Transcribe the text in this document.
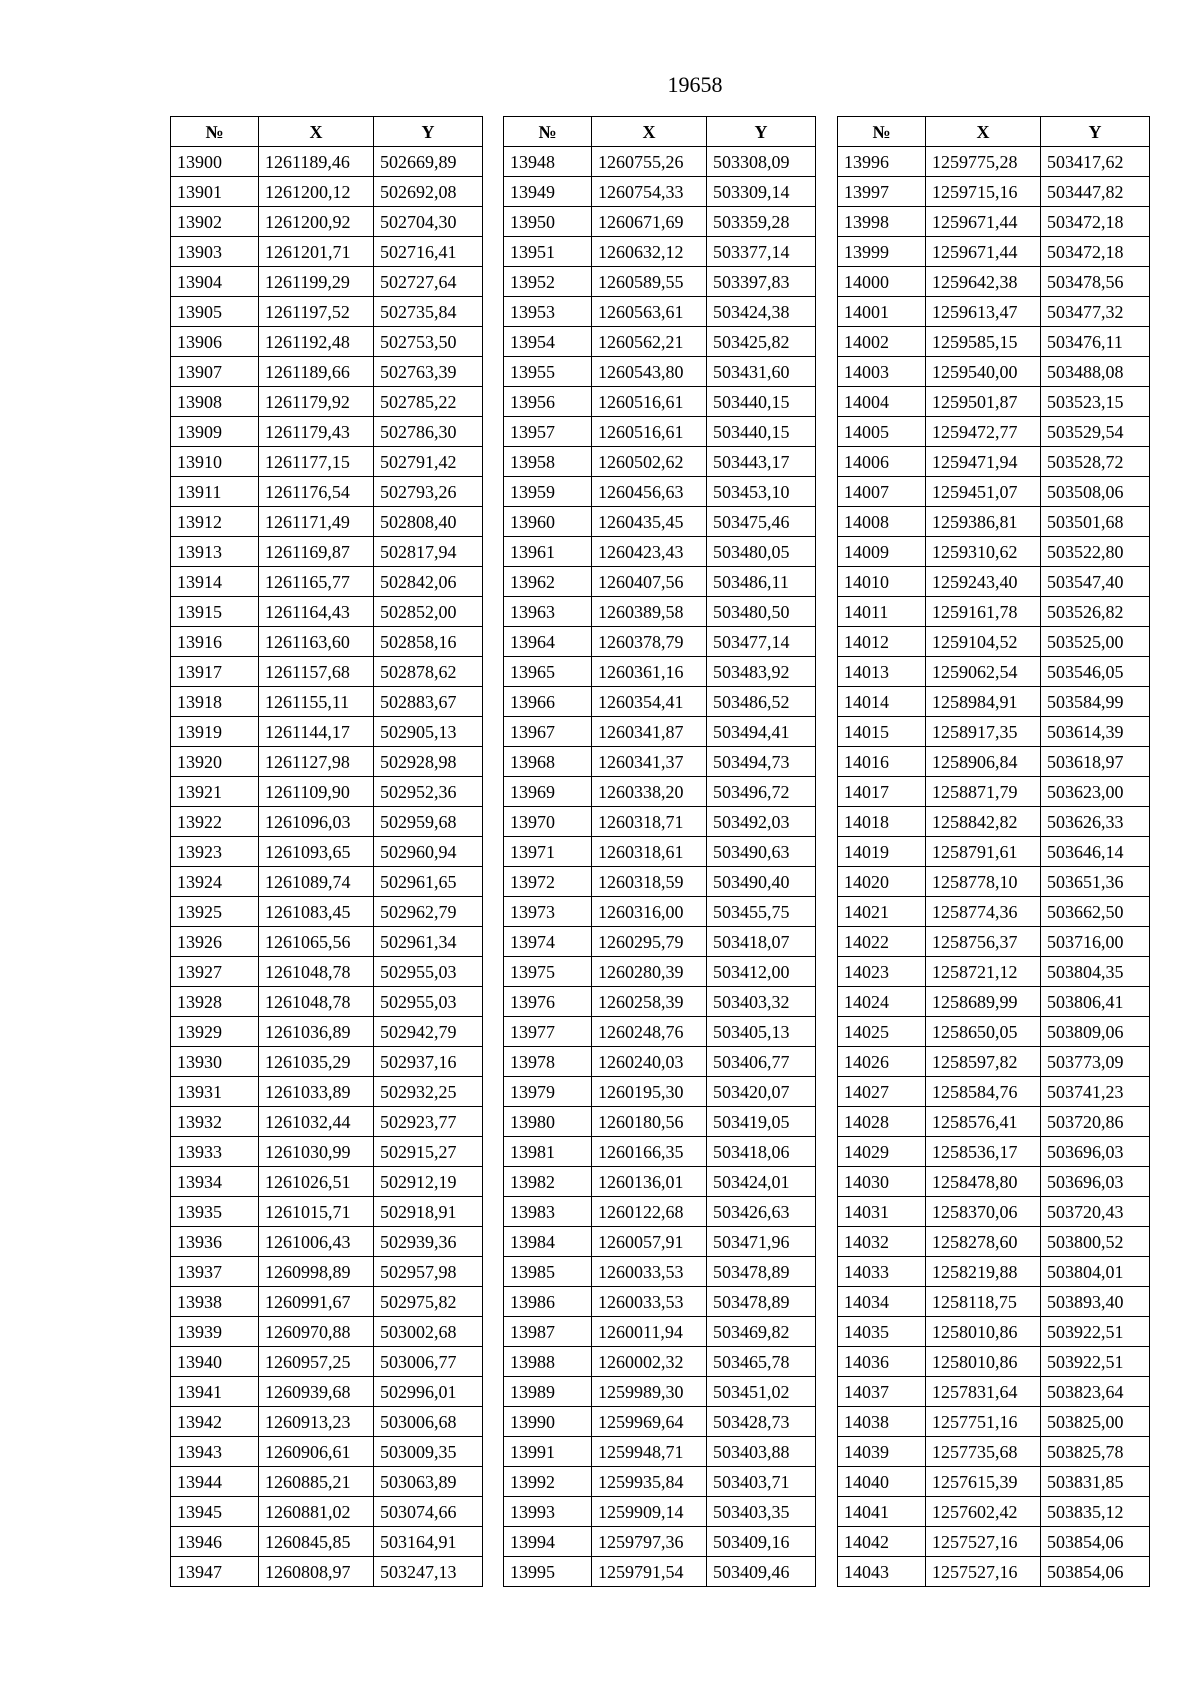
19658
№	X	Y
13900	1261189,46	502669,89
13901	1261200,12	502692,08
13902	1261200,92	502704,30
13903	1261201,71	502716,41
13904	1261199,29	502727,64
13905	1261197,52	502735,84
13906	1261192,48	502753,50
13907	1261189,66	502763,39
13908	1261179,92	502785,22
13909	1261179,43	502786,30
13910	1261177,15	502791,42
13911	1261176,54	502793,26
13912	1261171,49	502808,40
13913	1261169,87	502817,94
13914	1261165,77	502842,06
13915	1261164,43	502852,00
13916	1261163,60	502858,16
13917	1261157,68	502878,62
13918	1261155,11	502883,67
13919	1261144,17	502905,13
13920	1261127,98	502928,98
13921	1261109,90	502952,36
13922	1261096,03	502959,68
13923	1261093,65	502960,94
13924	1261089,74	502961,65
13925	1261083,45	502962,79
13926	1261065,56	502961,34
13927	1261048,78	502955,03
13928	1261048,78	502955,03
13929	1261036,89	502942,79
13930	1261035,29	502937,16
13931	1261033,89	502932,25
13932	1261032,44	502923,77
13933	1261030,99	502915,27
13934	1261026,51	502912,19
13935	1261015,71	502918,91
13936	1261006,43	502939,36
13937	1260998,89	502957,98
13938	1260991,67	502975,82
13939	1260970,88	503002,68
13940	1260957,25	503006,77
13941	1260939,68	502996,01
13942	1260913,23	503006,68
13943	1260906,61	503009,35
13944	1260885,21	503063,89
13945	1260881,02	503074,66
13946	1260845,85	503164,91
13947	1260808,97	503247,13
№	X	Y
13948	1260755,26	503308,09
13949	1260754,33	503309,14
13950	1260671,69	503359,28
13951	1260632,12	503377,14
13952	1260589,55	503397,83
13953	1260563,61	503424,38
13954	1260562,21	503425,82
13955	1260543,80	503431,60
13956	1260516,61	503440,15
13957	1260516,61	503440,15
13958	1260502,62	503443,17
13959	1260456,63	503453,10
13960	1260435,45	503475,46
13961	1260423,43	503480,05
13962	1260407,56	503486,11
13963	1260389,58	503480,50
13964	1260378,79	503477,14
13965	1260361,16	503483,92
13966	1260354,41	503486,52
13967	1260341,87	503494,41
13968	1260341,37	503494,73
13969	1260338,20	503496,72
13970	1260318,71	503492,03
13971	1260318,61	503490,63
13972	1260318,59	503490,40
13973	1260316,00	503455,75
13974	1260295,79	503418,07
13975	1260280,39	503412,00
13976	1260258,39	503403,32
13977	1260248,76	503405,13
13978	1260240,03	503406,77
13979	1260195,30	503420,07
13980	1260180,56	503419,05
13981	1260166,35	503418,06
13982	1260136,01	503424,01
13983	1260122,68	503426,63
13984	1260057,91	503471,96
13985	1260033,53	503478,89
13986	1260033,53	503478,89
13987	1260011,94	503469,82
13988	1260002,32	503465,78
13989	1259989,30	503451,02
13990	1259969,64	503428,73
13991	1259948,71	503403,88
13992	1259935,84	503403,71
13993	1259909,14	503403,35
13994	1259797,36	503409,16
13995	1259791,54	503409,46
№	X	Y
13996	1259775,28	503417,62
13997	1259715,16	503447,82
13998	1259671,44	503472,18
13999	1259671,44	503472,18
14000	1259642,38	503478,56
14001	1259613,47	503477,32
14002	1259585,15	503476,11
14003	1259540,00	503488,08
14004	1259501,87	503523,15
14005	1259472,77	503529,54
14006	1259471,94	503528,72
14007	1259451,07	503508,06
14008	1259386,81	503501,68
14009	1259310,62	503522,80
14010	1259243,40	503547,40
14011	1259161,78	503526,82
14012	1259104,52	503525,00
14013	1259062,54	503546,05
14014	1258984,91	503584,99
14015	1258917,35	503614,39
14016	1258906,84	503618,97
14017	1258871,79	503623,00
14018	1258842,82	503626,33
14019	1258791,61	503646,14
14020	1258778,10	503651,36
14021	1258774,36	503662,50
14022	1258756,37	503716,00
14023	1258721,12	503804,35
14024	1258689,99	503806,41
14025	1258650,05	503809,06
14026	1258597,82	503773,09
14027	1258584,76	503741,23
14028	1258576,41	503720,86
14029	1258536,17	503696,03
14030	1258478,80	503696,03
14031	1258370,06	503720,43
14032	1258278,60	503800,52
14033	1258219,88	503804,01
14034	1258118,75	503893,40
14035	1258010,86	503922,51
14036	1258010,86	503922,51
14037	1257831,64	503823,64
14038	1257751,16	503825,00
14039	1257735,68	503825,78
14040	1257615,39	503831,85
14041	1257602,42	503835,12
14042	1257527,16	503854,06
14043	1257527,16	503854,06
